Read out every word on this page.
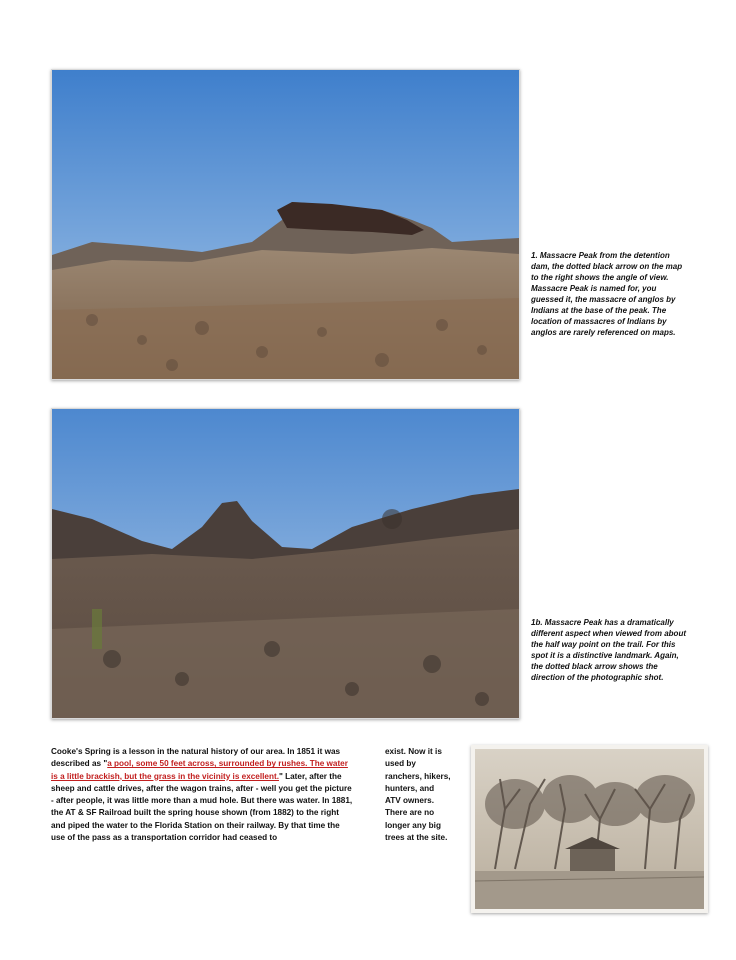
1. Massacre Peak from the detention dam, the dotted black arrow on the map to the right shows the angle of view. Massacre Peak is named for, you guessed it, the massacre of anglos by Indians at the base of the peak. The location of massacres of Indians by anglos are rarely referenced on maps.
1b. Massacre Peak has a dramatically different aspect when viewed from about the half way point on the trail. For this spot it is a distinctive landmark. Again, the dotted black arrow shows the direction of the photographic shot.
Cooke's Spring is a lesson in the natural history of our area. In 1851 it was described as "a pool, some 50 feet across, surrounded by rushes. The water is a little brackish, but the grass in the vicinity is excellent." Later, after the sheep and cattle drives, after the wagon trains, after - well you get the picture - after people, it was little more than a mud hole. But there was water. In 1881, the AT & SF Railroad built the spring house shown (from 1882) to the right and piped the water to the Florida Station on their railway. By that time the use of the pass as a transportation corridor had ceased to
exist. Now it is used by ranchers, hikers, hunters, and ATV owners. There are no longer any big trees at the site.
